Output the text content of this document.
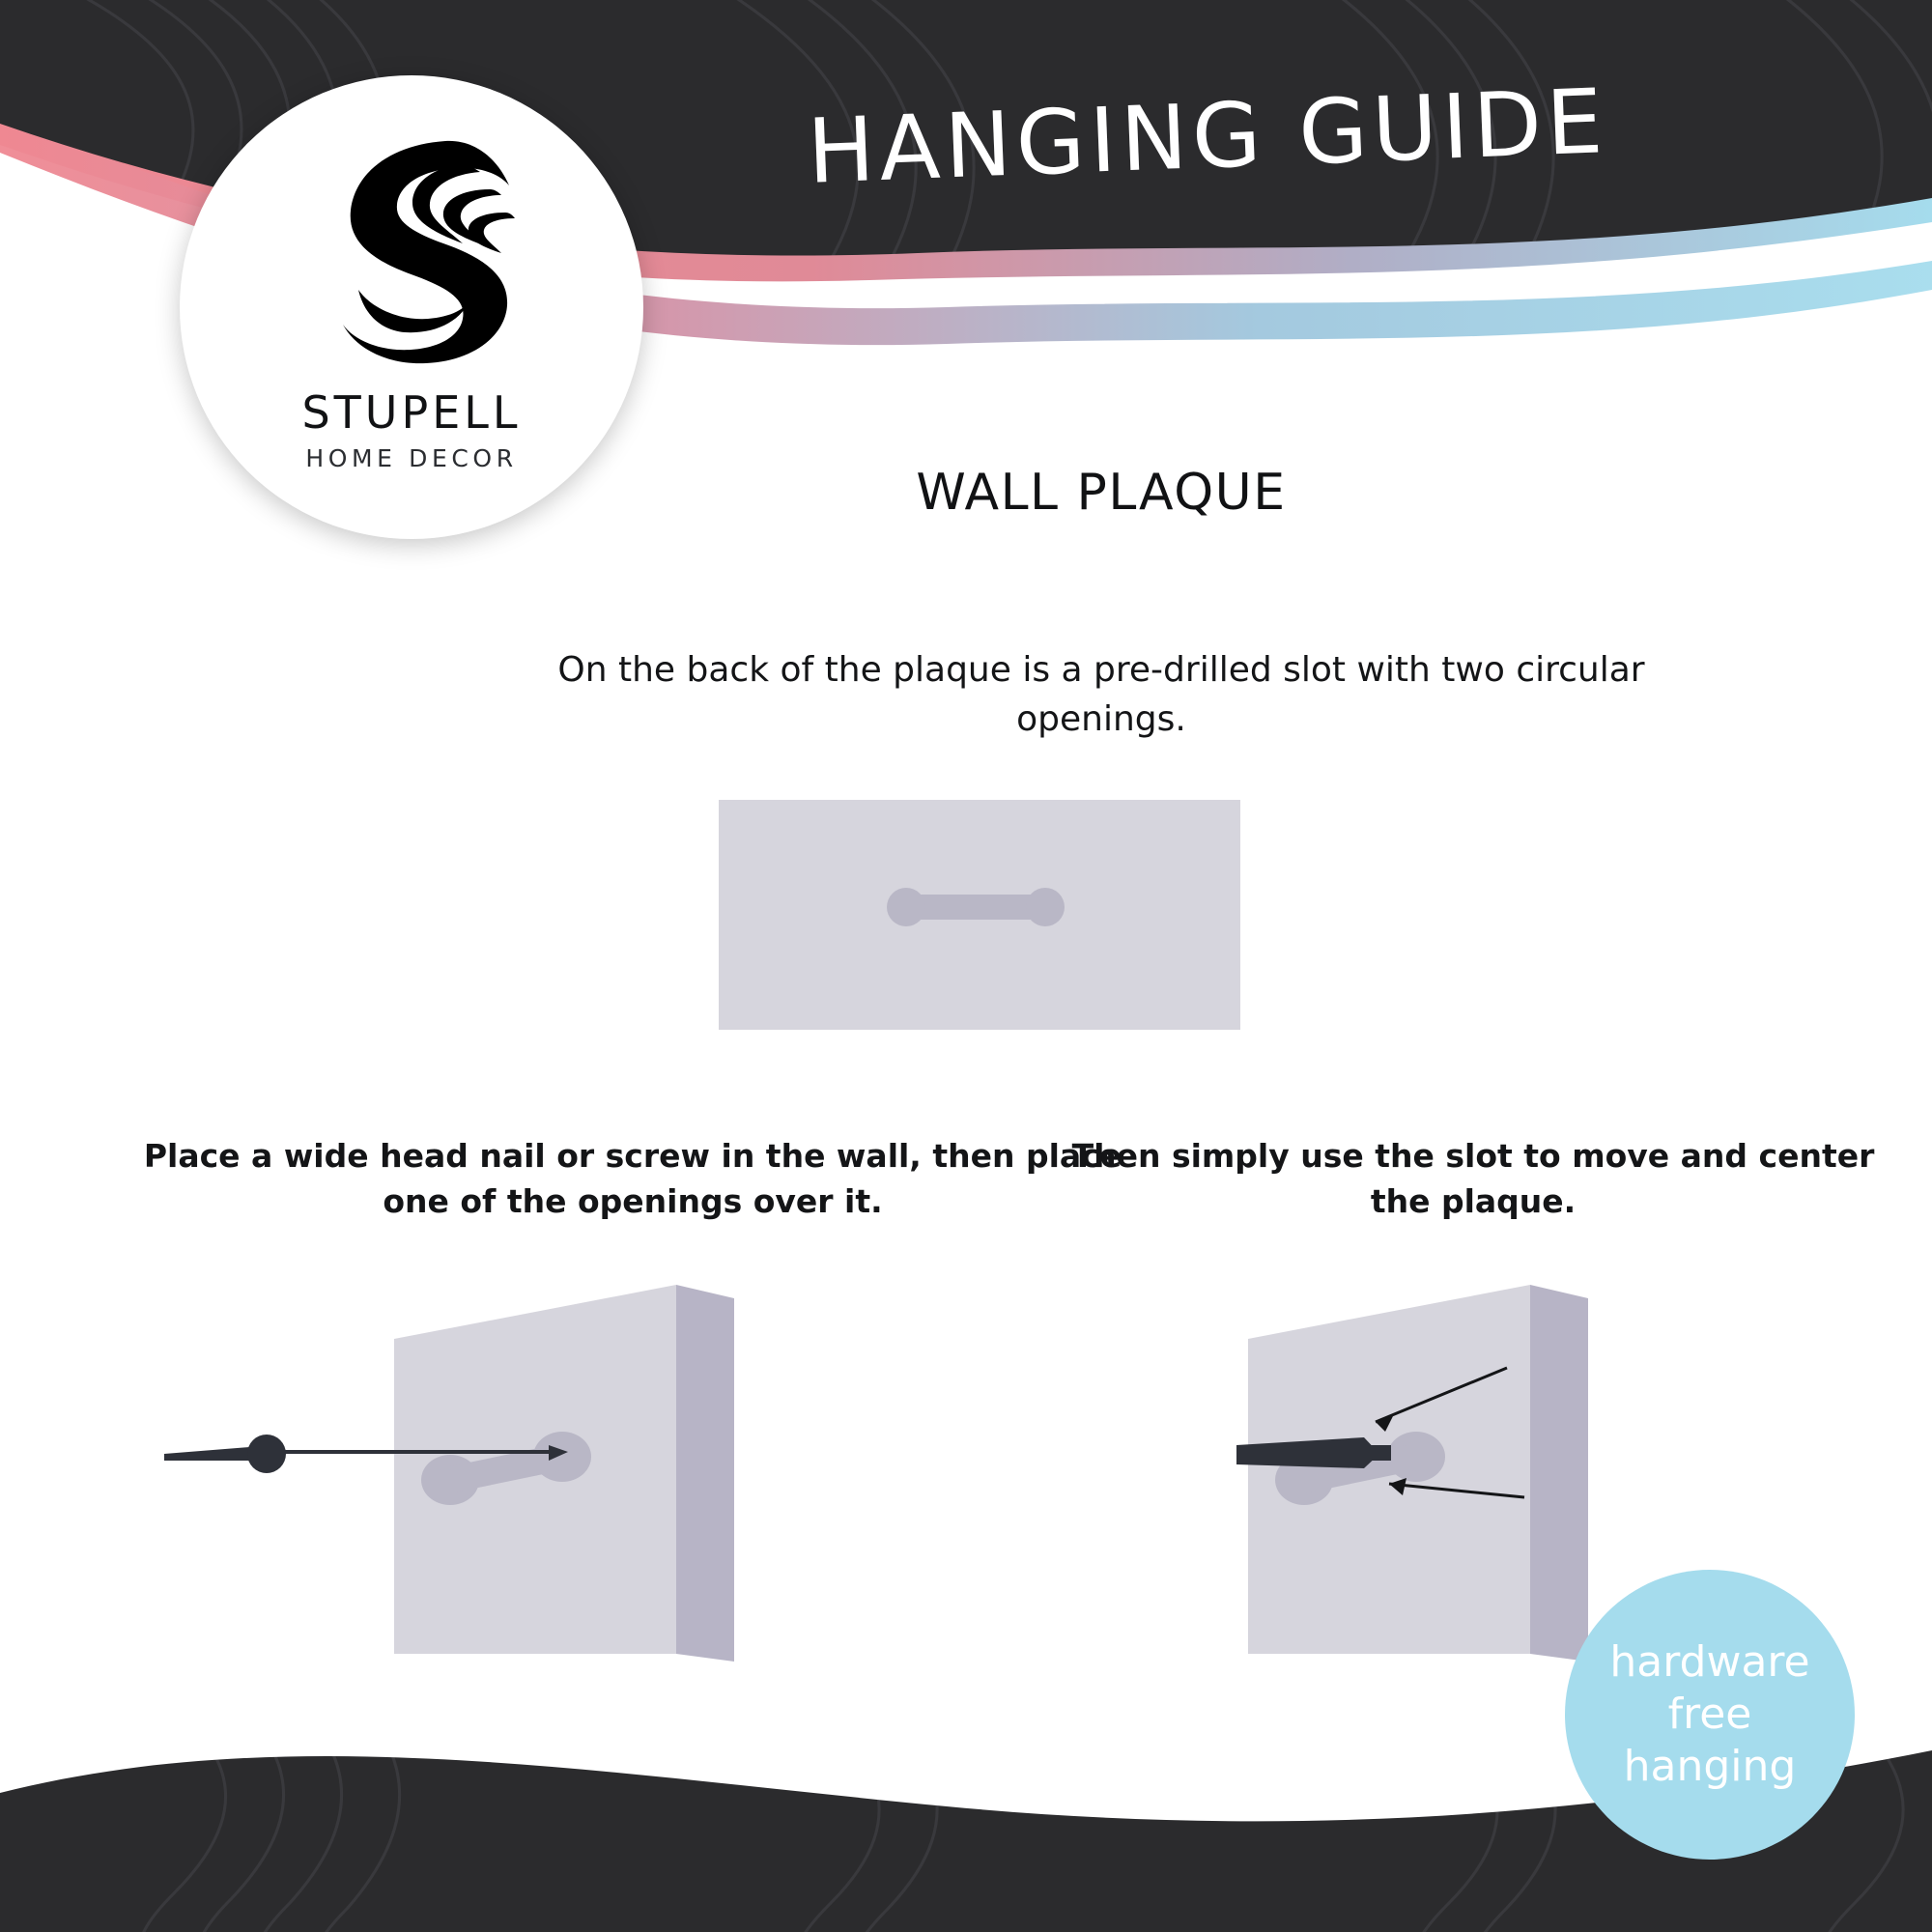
HANGING GUIDE
STUPELL
HOME DECOR
WALL PLAQUE
On the back of the plaque is a pre-drilled slot with two circular openings.
Place a wide head nail or screw in the wall, then place one of the openings over it.
Then simply use the slot to move and center the plaque.
hardware
free
hanging
